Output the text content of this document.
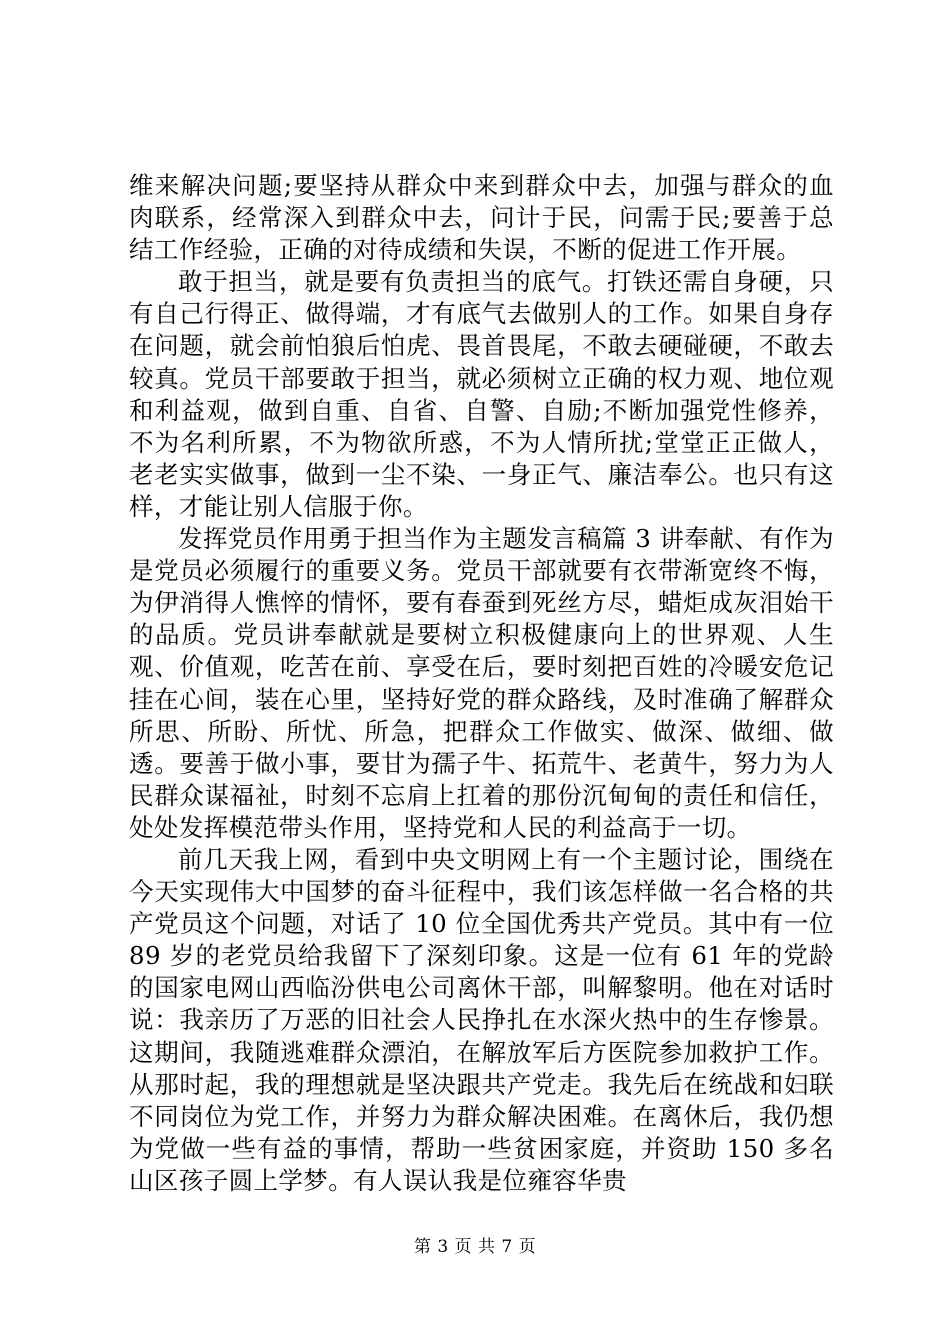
维来解决问题;要坚持从群众中来到群众中去，加强与群众的血肉联系，经常深入到群众中去，问计于民，问需于民;要善于总结工作经验，正确的对待成绩和失误，不断的促进工作开展。

敢于担当，就是要有负责担当的底气。打铁还需自身硬，只有自己行得正、做得端，才有底气去做别人的工作。如果自身存在问题，就会前怕狼后怕虎、畏首畏尾，不敢去硬碰硬，不敢去较真。党员干部要敢于担当，就必须树立正确的权力观、地位观和利益观，做到自重、自省、自警、自励;不断加强党性修养，不为名利所累，不为物欲所惑，不为人情所扰;堂堂正正做人，老老实实做事，做到一尘不染、一身正气、廉洁奉公。也只有这样，才能让别人信服于你。

发挥党员作用勇于担当作为主题发言稿篇 3 讲奉献、有作为是党员必须履行的重要义务。党员干部就要有衣带渐宽终不悔，为伊消得人憔悴的情怀，要有春蚕到死丝方尽，蜡炬成灰泪始干的品质。党员讲奉献就是要树立积极健康向上的世界观、人生观、价值观，吃苦在前、享受在后，要时刻把百姓的冷暖安危记挂在心间，装在心里，坚持好党的群众路线，及时准确了解群众所思、所盼、所忧、所急，把群众工作做实、做深、做细、做透。要善于做小事，要甘为孺子牛、拓荒牛、老黄牛，努力为人民群众谋福祉，时刻不忘肩上扛着的那份沉甸甸的责任和信任，处处发挥模范带头作用，坚持党和人民的利益高于一切。

前几天我上网，看到中央文明网上有一个主题讨论，围绕在今天实现伟大中国梦的奋斗征程中，我们该怎样做一名合格的共产党员这个问题，对话了 10 位全国优秀共产党员。其中有一位 89 岁的老党员给我留下了深刻印象。这是一位有 61 年的党龄的国家电网山西临汾供电公司离休干部，叫解黎明。他在对话时说：我亲历了万恶的旧社会人民挣扎在水深火热中的生存惨景。这期间，我随逃难群众漂泊，在解放军后方医院参加救护工作。从那时起，我的理想就是坚决跟共产党走。我先后在统战和妇联不同岗位为党工作，并努力为群众解决困难。在离休后，我仍想为党做一些有益的事情，帮助一些贫困家庭，并资助 150 多名山区孩子圆上学梦。有人误认我是位雍容华贵

第 3 页 共 7 页
